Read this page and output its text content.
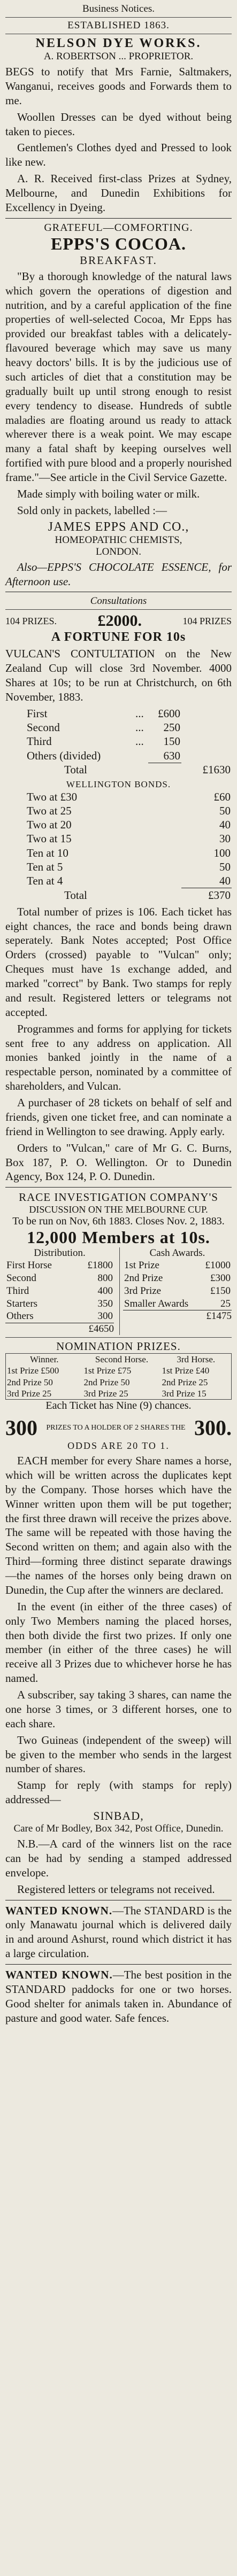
Business Notices.
ESTABLISHED 1863.
NELSON DYE WORKS.
A. ROBERTSON ... PROPRIETOR.

BEGS to notify that Mrs Farnie, Saltmakers, Wanganui, receives goods and Forwards them to me.

Woollen Dresses can be dyed without being taken to pieces.

Gentlemen's Clothes dyed and Pressed to look like new.

A. R. Received first-class Prizes at Sydney, Melbourne, and Dunedin Exhibitions for Excellency in Dyeing.

GRATEFUL—COMFORTING.
EPPS'S COCOA.
BREAKFAST.

"By a thorough knowledge of the natural laws which govern the operations of digestion and nutrition, and by a careful application of the fine properties of well-selected Cocoa, Mr Epps has provided our breakfast tables with a delicately-flavoured beverage which may save us many heavy doctors' bills. It is by the judicious use of such articles of diet that a constitution may be gradually built up until strong enough to resist every tendency to disease. Hundreds of subtle maladies are floating around us ready to attack wherever there is a weak point. We may escape many a fatal shaft by keeping ourselves well fortified with pure blood and a properly nourished frame."—See article in the Civil Service Gazette.

Made simply with boiling water or milk.

Sold only in packets, labelled :—

JAMES EPPS AND CO.,
HOMEOPATHIC CHEMISTS,
LONDON.

Also—EPPS'S CHOCOLATE ESSENCE, for Afternoon use.

Consultations
104 PRIZES.	£2000.	104 PRIZES
A FORTUNE FOR 10s

VULCAN'S CONTULTATION on the New Zealand Cup will close 3rd November. 4000 Shares at 10s; to be run at Christchurch, on 6th November, 1883.

First	...	£600	
Second	...	250	
Third	...	150	
Others (divided)		630	
Total			£1630
WELLINGTON BONDS.
Two at £30	£60
Two at 25	50
Two at 20	40
Two at 15	30
Ten at 10	100
Ten at 5	50
Ten at 4	40
Total	£370

Total number of prizes is 106. Each ticket has eight chances, the race and bonds being drawn seperately. Bank Notes accepted; Post Office Orders (crossed) payable to "Vulcan" only; Cheques must have 1s exchange added, and marked "correct" by Bank. Two stamps for reply and result. Registered letters or telegrams not accepted.

Programmes and forms for applying for tickets sent free to any address on application. All monies banked jointly in the name of a respectable person, nominated by a committee of shareholders, and Vulcan.

A purchaser of 28 tickets on behalf of self and friends, given one ticket free, and can nominate a friend in Wellington to see drawing. Apply early.

Orders to "Vulcan," care of Mr G. C. Burns, Box 187, P. O. Wellington. Or to Dunedin Agency, Box 124, P. O. Dunedin.

RACE INVESTIGATION COMPANY'S
DISCUSSION ON THE MELBOURNE CUP.
To be run on Nov, 6th 1883. Closes Nov. 2, 1883.
12,000 Members at 10s.
Distribution.
First Horse	£1800
Second	800
Third	400
Starters	350
Others	300
£4650
Cash Awards.
1st Prize	£1000
2nd Prize	£300
3rd Prize	£150
Smaller Awards	25
£1475
NOMINATION PRIZES.
Winner.	Second Horse.	3rd Horse.
1st Prize £500	1st Prize £75	1st Prize £40
2nd Prize 50	2nd Prize 50	2nd Prize 25
3rd Prize 25	3rd Prize 25	3rd Prize 15
Each Ticket has Nine (9) chances.
300	PRIZES TO A HOLDER OF 2 SHARES THE 300.
ODDS ARE 20 TO 1.

EACH member for every Share names a horse, which will be written across the duplicates kept by the Company. Those horses which have the Winner written upon them will be put together; the first three drawn will receive the prizes above. The same will be repeated with those having the Second written on them; and again also with the Third—forming three distinct separate drawings—the names of the horses only being drawn on Dunedin, the Cup after the winners are declared.

In the event (in either of the three cases) of only Two Members naming the placed horses, then both divide the first two prizes. If only one member (in either of the three cases) he will receive all 3 Prizes due to whichever horse he has named.

A subscriber, say taking 3 shares, can name the one horse 3 times, or 3 different horses, one to each share.

Two Guineas (independent of the sweep) will be given to the member who sends in the largest number of shares.

Stamp for reply (with stamps for reply) addressed—

SINBAD,
Care of Mr Bodley, Box 342, Post Office, Dunedin.

N.B.—A card of the winners list on the race can be had by sending a stamped addressed envelope.

Registered letters or telegrams not received.

WANTED KNOWN.—The STANDARD is the only Manawatu journal which is delivered daily in and around Ashurst, round which district it has a large circulation.

WANTED KNOWN.—The best position in the STANDARD paddocks for one or two horses. Good shelter for animals taken in. Abundance of pasture and good water. Safe fences.
